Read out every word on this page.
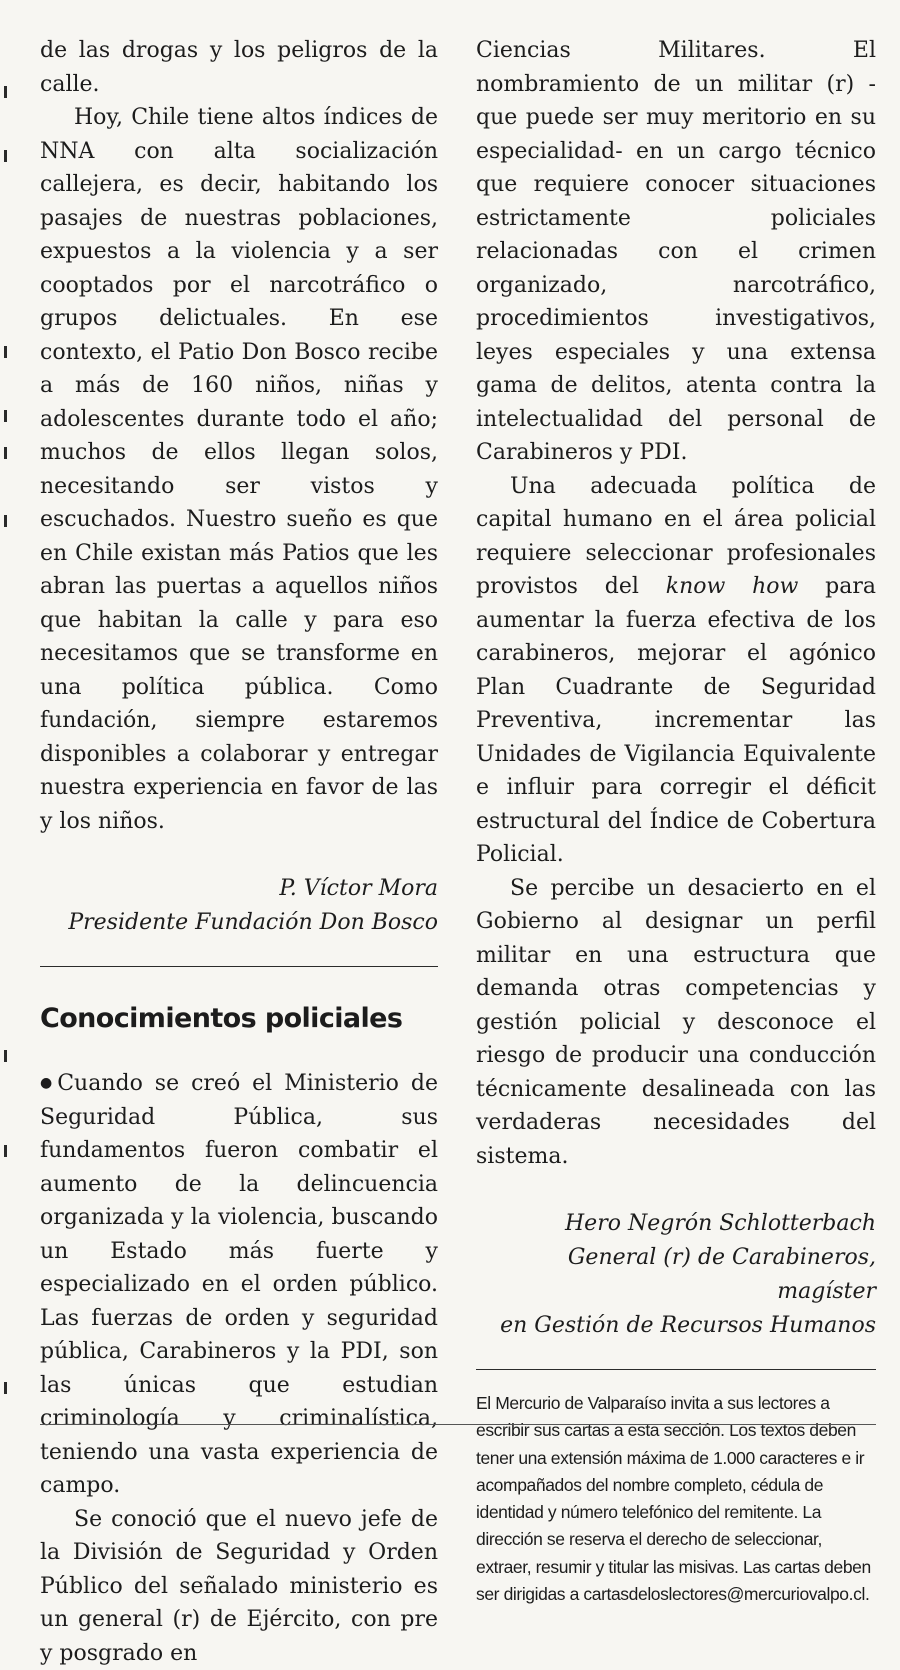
de las drogas y los peligros de la calle.

Hoy, Chile tiene altos índices de NNA con alta socialización callejera, es decir, habitando los pasajes de nuestras poblaciones, expuestos a la violencia y a ser cooptados por el narcotráfico o grupos delictuales. En ese contexto, el Patio Don Bosco recibe a más de 160 niños, niñas y adolescentes durante todo el año; muchos de ellos llegan solos, necesitando ser vistos y escuchados. Nuestro sueño es que en Chile existan más Patios que les abran las puertas a aquellos niños que habitan la calle y para eso necesitamos que se transforme en una política pública. Como fundación, siempre estaremos disponibles a colaborar y entregar nuestra experiencia en favor de las y los niños.

P. Víctor Mora

Presidente Fundación Don Bosco

Conocimientos policiales

●Cuando se creó el Ministerio de Seguridad Pública, sus fundamentos fueron combatir el aumento de la delincuencia organizada y la violencia, buscando un Estado más fuerte y especializado en el orden público. Las fuerzas de orden y seguridad pública, Carabineros y la PDI, son las únicas que estudian criminología y criminalística, teniendo una vasta experiencia de campo.

Se conoció que el nuevo jefe de la División de Seguridad y Orden Público del señalado ministerio es un general (r) de Ejército, con pre y posgrado en

Ciencias Militares. El nombramiento de un militar (r) -que puede ser muy meritorio en su especialidad- en un cargo técnico que requiere conocer situaciones estrictamente policiales relacionadas con el crimen organizado, narcotráfico, procedimientos investigativos, leyes especiales y una extensa gama de delitos, atenta contra la intelectualidad del personal de Carabineros y PDI.

Una adecuada política de capital humano en el área policial requiere seleccionar profesionales provistos del know how para aumentar la fuerza efectiva de los carabineros, mejorar el agónico Plan Cuadrante de Seguridad Preventiva, incrementar las Unidades de Vigilancia Equivalente e influir para corregir el déficit estructural del Índice de Cobertura Policial.

Se percibe un desacierto en el Gobierno al designar un perfil militar en una estructura que demanda otras competencias y gestión policial y desconoce el riesgo de producir una conducción técnicamente desalineada con las verdaderas necesidades del sistema.

Hero Negrón Schlotterbach

General (r) de Carabineros, magíster

en Gestión de Recursos Humanos

El Mercurio de Valparaíso invita a sus lectores a escribir sus cartas a esta sección. Los textos deben tener una extensión máxima de 1.000 caracteres e ir acompañados del nombre completo, cédula de identidad y número telefónico del remitente. La dirección se reserva el derecho de seleccionar, extraer, resumir y titular las misivas. Las cartas deben ser dirigidas a cartasdeloslectores@mercuriovalpo.cl.
